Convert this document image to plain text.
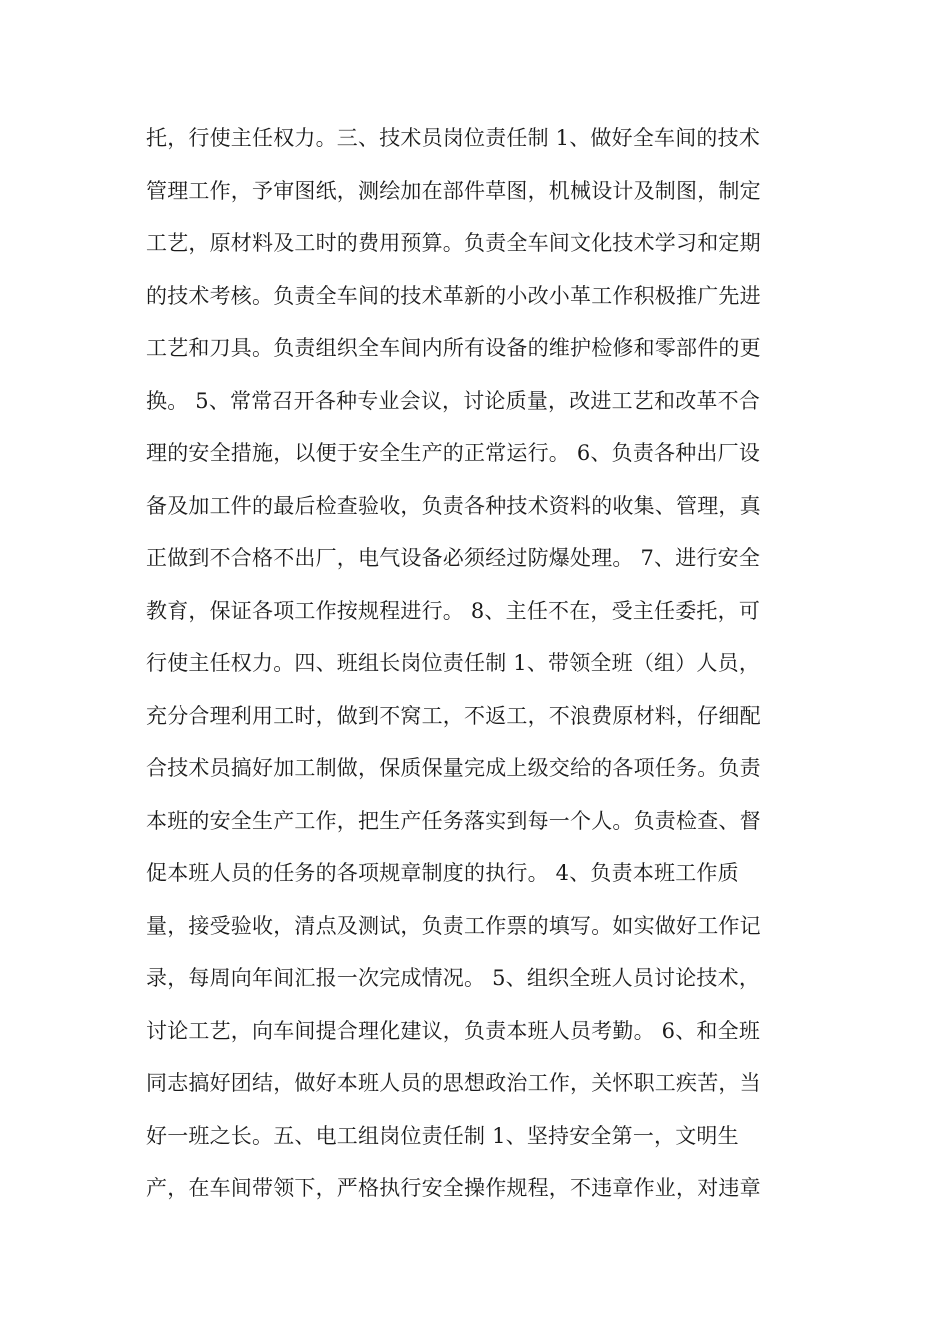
托，行使主任权力。三、技术员岗位责任制 1、做好全车间的技术
管理工作，予审图纸，测绘加在部件草图，机械设计及制图，制定
工艺，原材料及工时的费用预算。负责全车间文化技术学习和定期
的技术考核。负责全车间的技术革新的小改小革工作积极推广先进
工艺和刀具。负责组织全车间内所有设备的维护检修和零部件的更
换。 5、常常召开各种专业会议，讨论质量，改进工艺和改革不合
理的安全措施，以便于安全生产的正常运行。 6、负责各种出厂设
备及加工件的最后检查验收，负责各种技术资料的收集、管理，真
正做到不合格不出厂，电气设备必须经过防爆处理。 7、进行安全
教育，保证各项工作按规程进行。 8、主任不在，受主任委托，可
行使主任权力。四、班组长岗位责任制 1、带领全班（组）人员，
充分合理利用工时，做到不窝工，不返工，不浪费原材料，仔细配
合技术员搞好加工制做，保质保量完成上级交给的各项任务。负责
本班的安全生产工作，把生产任务落实到每一个人。负责检查、督
促本班人员的任务的各项规章制度的执行。 4、负责本班工作质
量，接受验收，清点及测试，负责工作票的填写。如实做好工作记
录，每周向年间汇报一次完成情况。 5、组织全班人员讨论技术，
讨论工艺，向车间提合理化建议，负责本班人员考勤。 6、和全班
同志搞好团结，做好本班人员的思想政治工作，关怀职工疾苦，当
好一班之长。五、电工组岗位责任制 1、坚持安全第一，文明生
产，在车间带领下，严格执行安全操作规程，不违章作业，对违章
